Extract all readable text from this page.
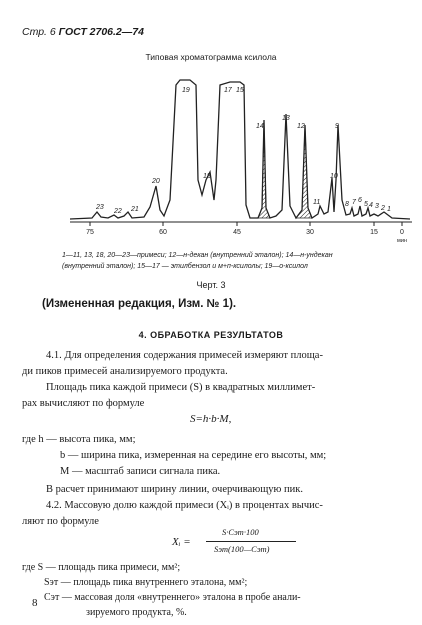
Стр. 6 ГОСТ 2706.2—74
Типовая хроматограмма ксилола
23
22 21
20
19
18
17 15
14
13
12
11
10
9
8 7 6
5 4 3 2 1
75	60	45	30	15	0
мин
1—11, 13, 18, 20—23—примеси; 12—н-декан (внутренний эталон); 14—н-ундекан (внутренний эталон); 15—17 — этилбензол и м+п-ксилолы; 19—о-ксилол
Черт. 3
(Измененная редакция, Изм. № 1).
4. ОБРАБОТКА РЕЗУЛЬТАТОВ
4.1. Для определения содержания примесей измеряют площа-
ди пиков примесей анализируемого продукта.
Площадь пика каждой примеси (S) в квадратных миллимет-
рах вычисляют по формуле
S=h·b·M,
где h — высота пика, мм;
b — ширина пика, измеренная на середине его высоты, мм;
M — масштаб записи сигнала пика.
В расчет принимают ширину линии, очерчивающую пик.
4.2. Массовую долю каждой примеси (Xᵢ) в процентах вычис-
ляют по формуле
Xᵢ =
S·Cэт·100
Sэт(100—Cэт)
где S — площадь пика примеси, мм²;
Sэт — площадь пика внутреннего эталона, мм²;
Cэт — массовая доля «внутреннего» эталона в пробе анали-
зируемого продукта, %.
8
